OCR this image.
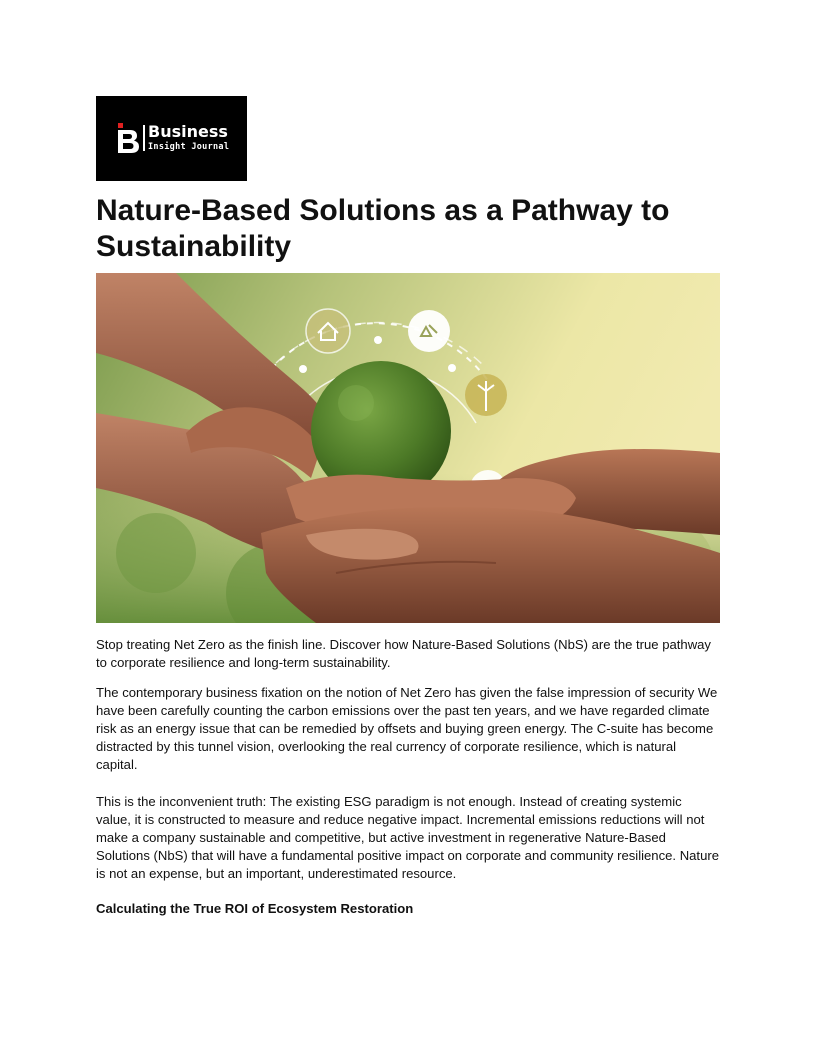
Business
Insight Journal
Nature-Based Solutions as a Pathway to Sustainability

Stop treating Net Zero as the finish line. Discover how Nature-Based Solutions (NbS) are the true pathway to corporate resilience and long-term sustainability.

The contemporary business fixation on the notion of Net Zero has given the false impression of security We have been carefully counting the carbon emissions over the past ten years, and we have regarded climate risk as an energy issue that can be remedied by offsets and buying green energy. The C-suite has become distracted by this tunnel vision, overlooking the real currency of corporate resilience, which is natural capital.

This is the inconvenient truth: The existing ESG paradigm is not enough. Instead of creating systemic value, it is constructed to measure and reduce negative impact. Incremental emissions reductions will not make a company sustainable and competitive, but active investment in regenerative Nature-Based Solutions (NbS) that will have a fundamental positive impact on corporate and community resilience. Nature is not an expense, but an important, underestimated resource.

Calculating the True ROI of Ecosystem Restoration
